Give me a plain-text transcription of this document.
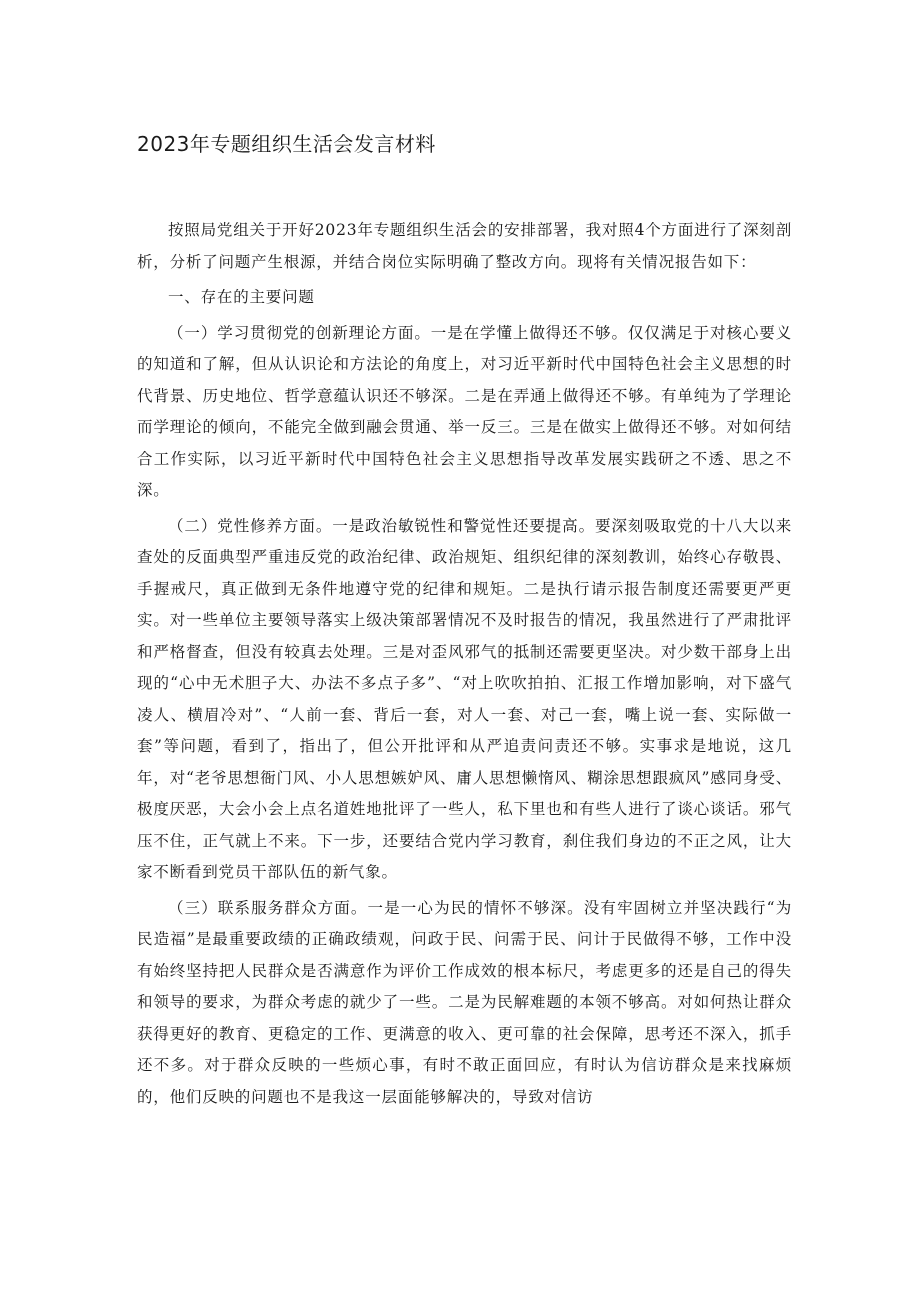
2023年专题组织生活会发言材料

按照局党组关于开好2023年专题组织生活会的安排部署，我对照4个方面进行了深刻剖析，分析了问题产生根源，并结合岗位实际明确了整改方向。现将有关情况报告如下：

一、存在的主要问题

（一）学习贯彻党的创新理论方面。一是在学懂上做得还不够。仅仅满足于对核心要义的知道和了解，但从认识论和方法论的角度上，对习近平新时代中国特色社会主义思想的时代背景、历史地位、哲学意蕴认识还不够深。二是在弄通上做得还不够。有单纯为了学理论而学理论的倾向，不能完全做到融会贯通、举一反三。三是在做实上做得还不够。对如何结合工作实际，以习近平新时代中国特色社会主义思想指导改革发展实践研之不透、思之不深。

（二）党性修养方面。一是政治敏锐性和警觉性还要提高。要深刻吸取党的十八大以来查处的反面典型严重违反党的政治纪律、政治规矩、组织纪律的深刻教训，始终心存敬畏、手握戒尺，真正做到无条件地遵守党的纪律和规矩。二是执行请示报告制度还需要更严更实。对一些单位主要领导落实上级决策部署情况不及时报告的情况，我虽然进行了严肃批评和严格督查，但没有较真去处理。三是对歪风邪气的抵制还需要更坚决。对少数干部身上出现的“心中无术胆子大、办法不多点子多”、“对上吹吹拍拍、汇报工作增加影响，对下盛气凌人、横眉冷对”、“人前一套、背后一套，对人一套、对己一套，嘴上说一套、实际做一套”等问题，看到了，指出了，但公开批评和从严追责问责还不够。实事求是地说，这几年，对“老爷思想衙门风、小人思想嫉妒风、庸人思想懒惰风、糊涂思想跟疯风”感同身受、极度厌恶，大会小会上点名道姓地批评了一些人，私下里也和有些人进行了谈心谈话。邪气压不住，正气就上不来。下一步，还要结合党内学习教育，刹住我们身边的不正之风，让大家不断看到党员干部队伍的新气象。

（三）联系服务群众方面。一是一心为民的情怀不够深。没有牢固树立并坚决践行“为民造福”是最重要政绩的正确政绩观，问政于民、问需于民、问计于民做得不够，工作中没有始终坚持把人民群众是否满意作为评价工作成效的根本标尺，考虑更多的还是自己的得失和领导的要求，为群众考虑的就少了一些。二是为民解难题的本领不够高。对如何热让群众获得更好的教育、更稳定的工作、更满意的收入、更可靠的社会保障，思考还不深入，抓手还不多。对于群众反映的一些烦心事，有时不敢正面回应，有时认为信访群众是来找麻烦的，他们反映的问题也不是我这一层面能够解决的，导致对信访
